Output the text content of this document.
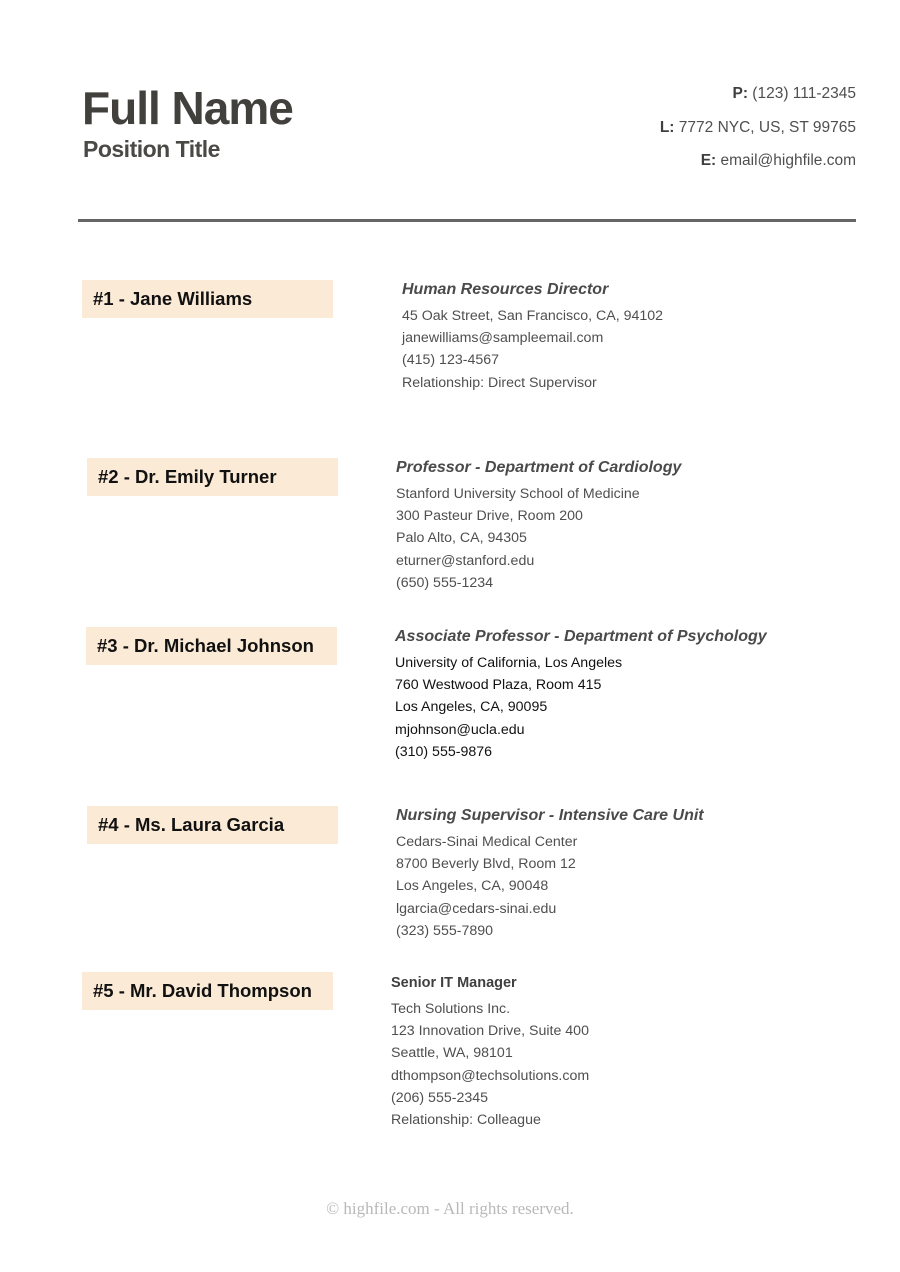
Full Name
Position Title
P: (123) 111-2345
L: 7772 NYC, US, ST 99765
E: email@highfile.com
#1 - Jane Williams	Human Resources Director
45 Oak Street, San Francisco, CA, 94102
janewilliams@sampleemail.com
(415) 123-4567
Relationship: Direct Supervisor
#2 - Dr. Emily Turner	Professor - Department of Cardiology
Stanford University School of Medicine
300 Pasteur Drive, Room 200
Palo Alto, CA, 94305
eturner@stanford.edu
(650) 555-1234
#3 - Dr. Michael Johnson	Associate Professor - Department of Psychology
University of California, Los Angeles
760 Westwood Plaza, Room 415
Los Angeles, CA, 90095
mjohnson@ucla.edu
(310) 555-9876
#4 - Ms. Laura Garcia	Nursing Supervisor - Intensive Care Unit
Cedars-Sinai Medical Center
8700 Beverly Blvd, Room 12
Los Angeles, CA, 90048
lgarcia@cedars-sinai.edu
(323) 555-7890
#5 - Mr. David Thompson	Senior IT Manager
Tech Solutions Inc.
123 Innovation Drive, Suite 400
Seattle, WA, 98101
dthompson@techsolutions.com
(206) 555-2345
Relationship: Colleague
© highfile.com - All rights reserved.
